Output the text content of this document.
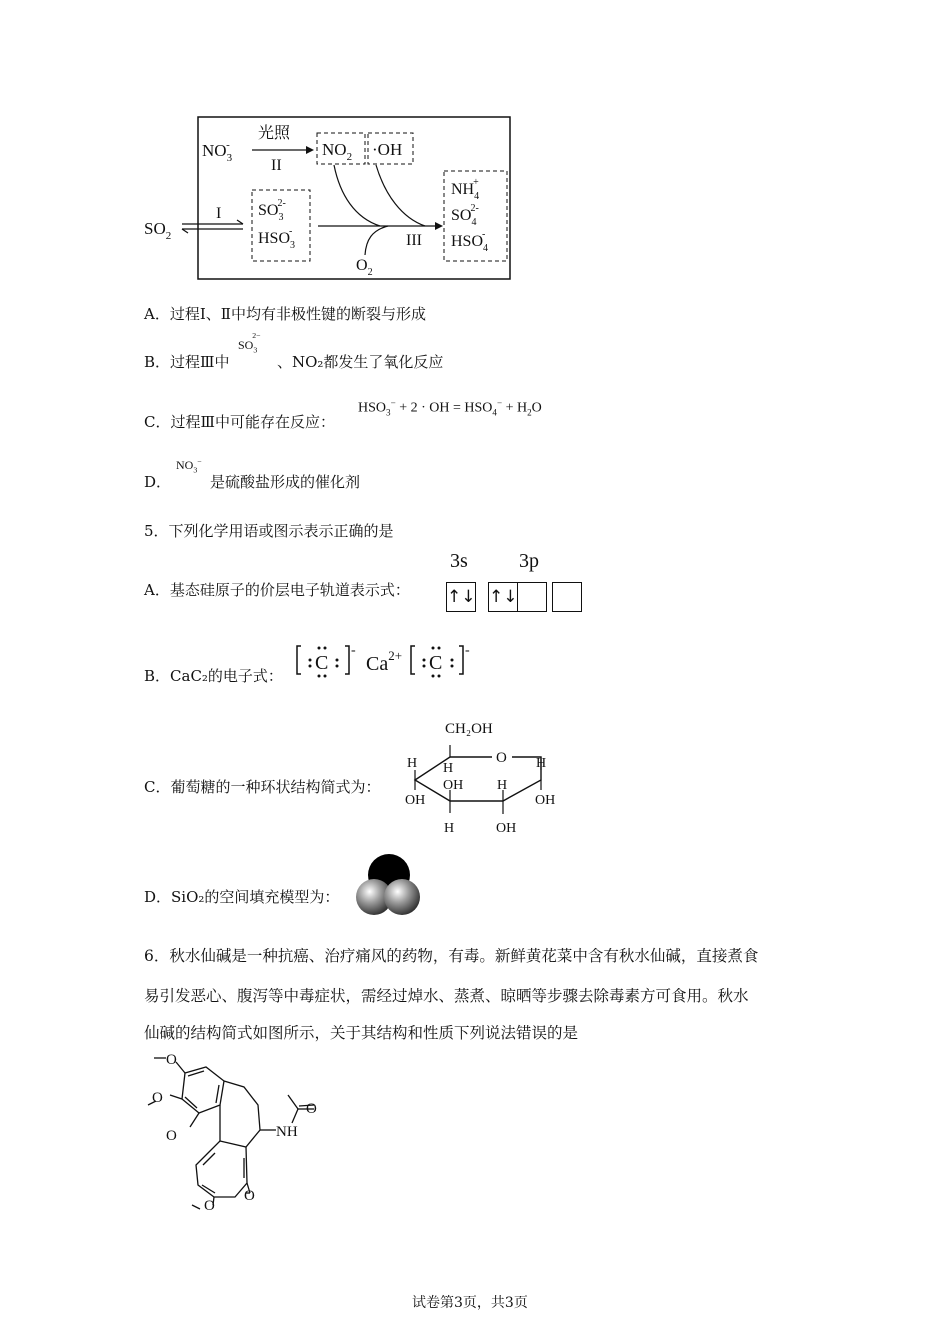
$NO_3-$
光照
II
$NO_2 \cdot OH$
$SO_2$
I $SO_32-$
$HSO_3-$
$O_2$
III
$NH_4+$
$SO_42-$
$HSO_4-$
A．过程Ⅰ、Ⅱ中均有非极性键的断裂与形成
B．过程Ⅲ中
$SO_3^{2-}$
、NO₂都发生了氧化反应
C．过程Ⅲ中可能存在反应：
$HSO_3^- + 2$ · OH = $HSO_4^- + H_2O$
D．
$NO_3^-$
是硫酸盐形成的催化剂
5．下列化学用语或图示表示正确的是
A．基态硅原子的价层电子轨道表示式：
3s	3p
↑↓ ↑↓
B．CaC₂的电子式：
C
-
$Ca^{2+}$ C
-
C．葡萄糖的一种环状结构简式为：
CH₂OH
O
H
H	H
OH
OH H
OH
H	OH
D．SiO₂的空间填充模型为：
6．秋水仙碱是一种抗癌、治疗痛风的药物，有毒。新鲜黄花菜中含有秋水仙碱，直接煮食
易引发恶心、腹泻等中毒症状，需经过焯水、蒸煮、晾晒等步骤去除毒素方可食用。秋水
仙碱的结构简式如图所示，关于其结构和性质下列说法错误的是
O
O
O	NH
O
O
O
试卷第3页，共3页
